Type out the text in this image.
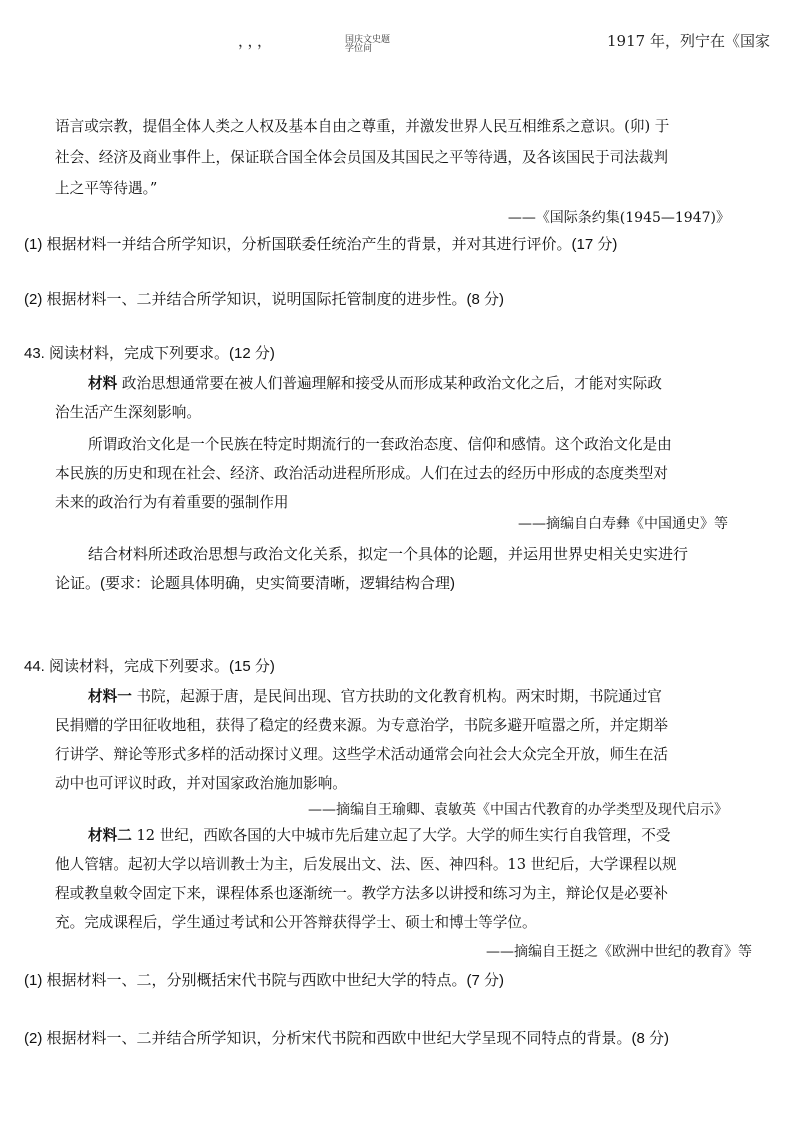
，，，	国庆文史题
学位问	1917 年，列宁在《国家
语言或宗教，提倡全体人类之人权及基本自由之尊重，并激发世界人民互相维系之意识。(卯) 于
社会、经济及商业事件上，保证联合国全体会员国及其国民之平等待遇，及各该国民于司法裁判
上之平等待遇。”
——《国际条约集(1945—1947)》
(1) 根据材料一并结合所学知识，分析国联委任统治产生的背景，并对其进行评价。(17 分)
(2) 根据材料一、二并结合所学知识，说明国际托管制度的进步性。(8 分)
43. 阅读材料，完成下列要求。(12 分)
材料 政治思想通常要在被人们普遍理解和接受从而形成某种政治文化之后，才能对实际政
治生活产生深刻影响。
所谓政治文化是一个民族在特定时期流行的一套政治态度、信仰和感情。这个政治文化是由
本民族的历史和现在社会、经济、政治活动进程所形成。人们在过去的经历中形成的态度类型对
未来的政治行为有着重要的强制作用
——摘编自白寿彝《中国通史》等
结合材料所述政治思想与政治文化关系，拟定一个具体的论题，并运用世界史相关史实进行
论证。(要求：论题具体明确，史实简要清晰，逻辑结构合理)
44. 阅读材料，完成下列要求。(15 分)
材料一 书院，起源于唐，是民间出现、官方扶助的文化教育机构。两宋时期，书院通过官
民捐赠的学田征收地租，获得了稳定的经费来源。为专意治学，书院多避开喧嚣之所，并定期举
行讲学、辩论等形式多样的活动探讨义理。这些学术活动通常会向社会大众完全开放，师生在活
动中也可评议时政，并对国家政治施加影响。
——摘编自王瑜卿、袁敏英《中国古代教育的办学类型及现代启示》
材料二 12 世纪，西欧各国的大中城市先后建立起了大学。大学的师生实行自我管理，不受
他人管辖。起初大学以培训教士为主，后发展出文、法、医、神四科。13 世纪后，大学课程以规
程或教皇敕令固定下来，课程体系也逐渐统一。教学方法多以讲授和练习为主，辩论仅是必要补
充。完成课程后，学生通过考试和公开答辩获得学士、硕士和博士等学位。
——摘编自王挺之《欧洲中世纪的教育》等
(1) 根据材料一、二，分别概括宋代书院与西欧中世纪大学的特点。(7 分)
(2) 根据材料一、二并结合所学知识，分析宋代书院和西欧中世纪大学呈现不同特点的背景。(8 分)
